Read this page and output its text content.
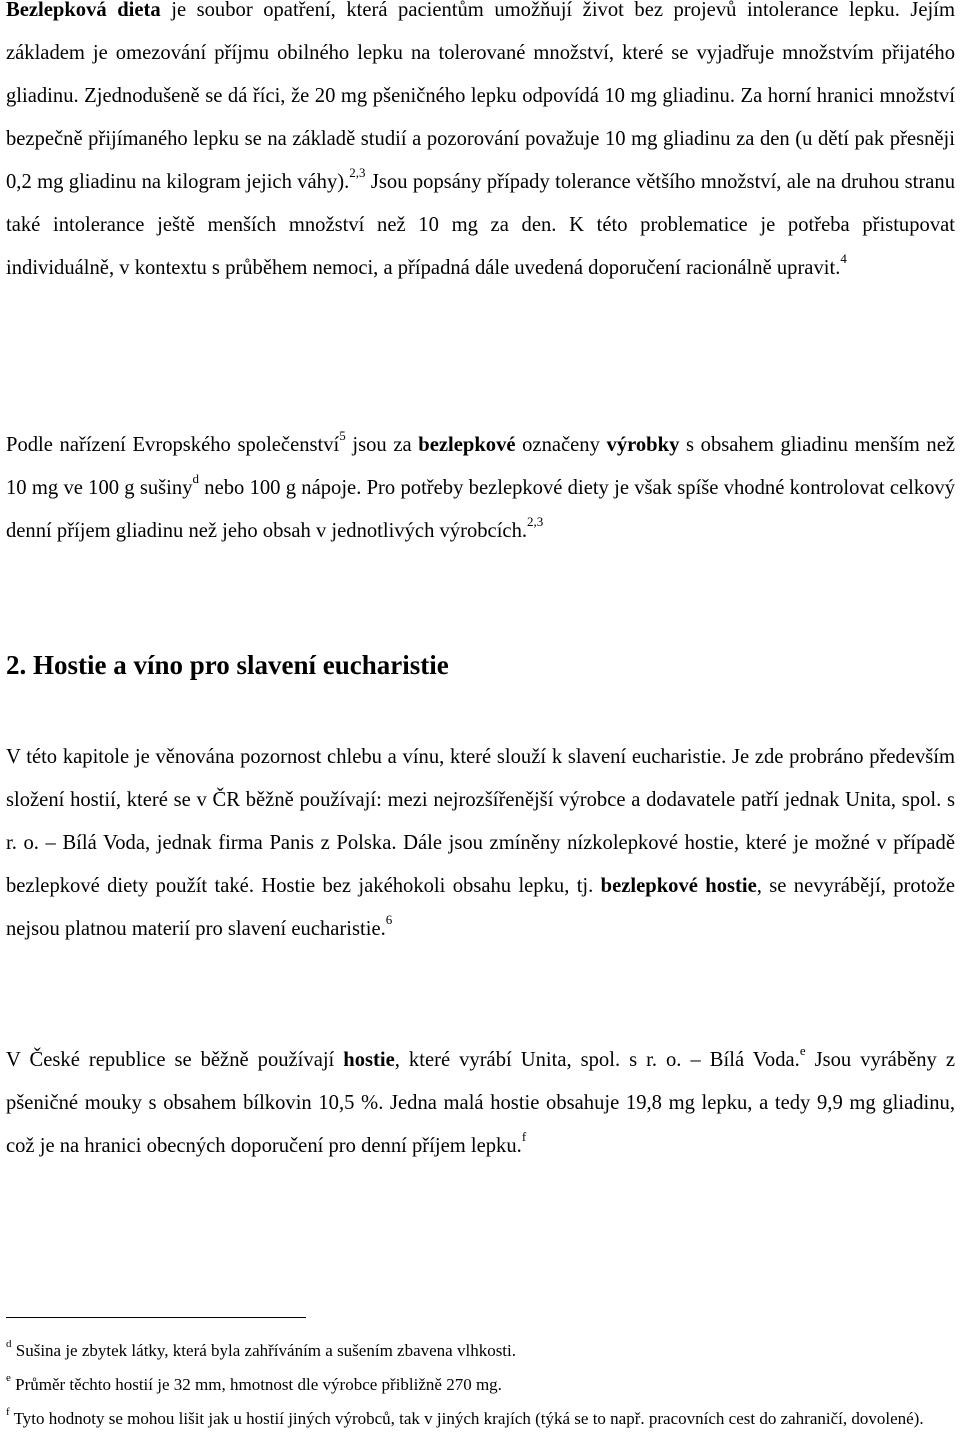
Bezlepková dieta je soubor opatření, která pacientům umožňují život bez projevů intolerance lepku. Jejím základem je omezování příjmu obilného lepku na tolerované množství, které se vyjadřuje množstvím přijatého gliadinu. Zjednodušeně se dá říci, že 20 mg pšeničného lepku odpovídá 10 mg gliadinu. Za horní hranici množství bezpečně přijímaného lepku se na základě studií a pozorování považuje 10 mg gliadinu za den (u dětí pak přesněji 0,2 mg gliadinu na kilogram jejich váhy).$^{2,3}$ Jsou popsány případy tolerance většího množství, ale na druhou stranu také intolerance ještě menších množství než 10 mg za den. K této problematice je potřeba přistupovat individuálně, v kontextu s průběhem nemoci, a případná dále uvedená doporučení racionálně upravit.$^4$

Podle nařízení Evropského společenství$^5$ jsou za bezlepkové označeny výrobky s obsahem gliadinu menším než 10 mg ve 100 g sušiny$^d$ nebo 100 g nápoje. Pro potřeby bezlepkové diety je však spíše vhodné kontrolovat celkový denní příjem gliadinu než jeho obsah v jednotlivých výrobcích.$^{2,3}$

2. Hostie a víno pro slavení eucharistie

V této kapitole je věnována pozornost chlebu a vínu, které slouží k slavení eucharistie. Je zde probráno především složení hostií, které se v ČR běžně používají: mezi nejrozšířenější výrobce a dodavatele patří jednak Unita, spol. s r. o. – Bílá Voda, jednak firma Panis z Polska. Dále jsou zmíněny nízkolepkové hostie, které je možné v případě bezlepkové diety použít také. Hostie bez jakéhokoli obsahu lepku, tj. bezlepkové hostie, se nevyrábějí, protože nejsou platnou materií pro slavení eucharistie.$^6$

V České republice se běžně používají hostie, které vyrábí Unita, spol. s r. o. – Bílá Voda.$^e$ Jsou vyráběny z pšeničné mouky s obsahem bílkovin 10,5 %. Jedna malá hostie obsahuje 19,8 mg lepku, a tedy 9,9 mg gliadinu, což je na hranici obecných doporučení pro denní příjem lepku.$^f$

$^d$ Sušina je zbytek látky, která byla zahříváním a sušením zbavena vlhkosti.

$^e$ Průměr těchto hostií je 32 mm, hmotnost dle výrobce přibližně 270 mg.

$^f$ Tyto hodnoty se mohou lišit jak u hostií jiných výrobců, tak v jiných krajích (týká se to např. pracovních cest do zahraničí, dovolené).
